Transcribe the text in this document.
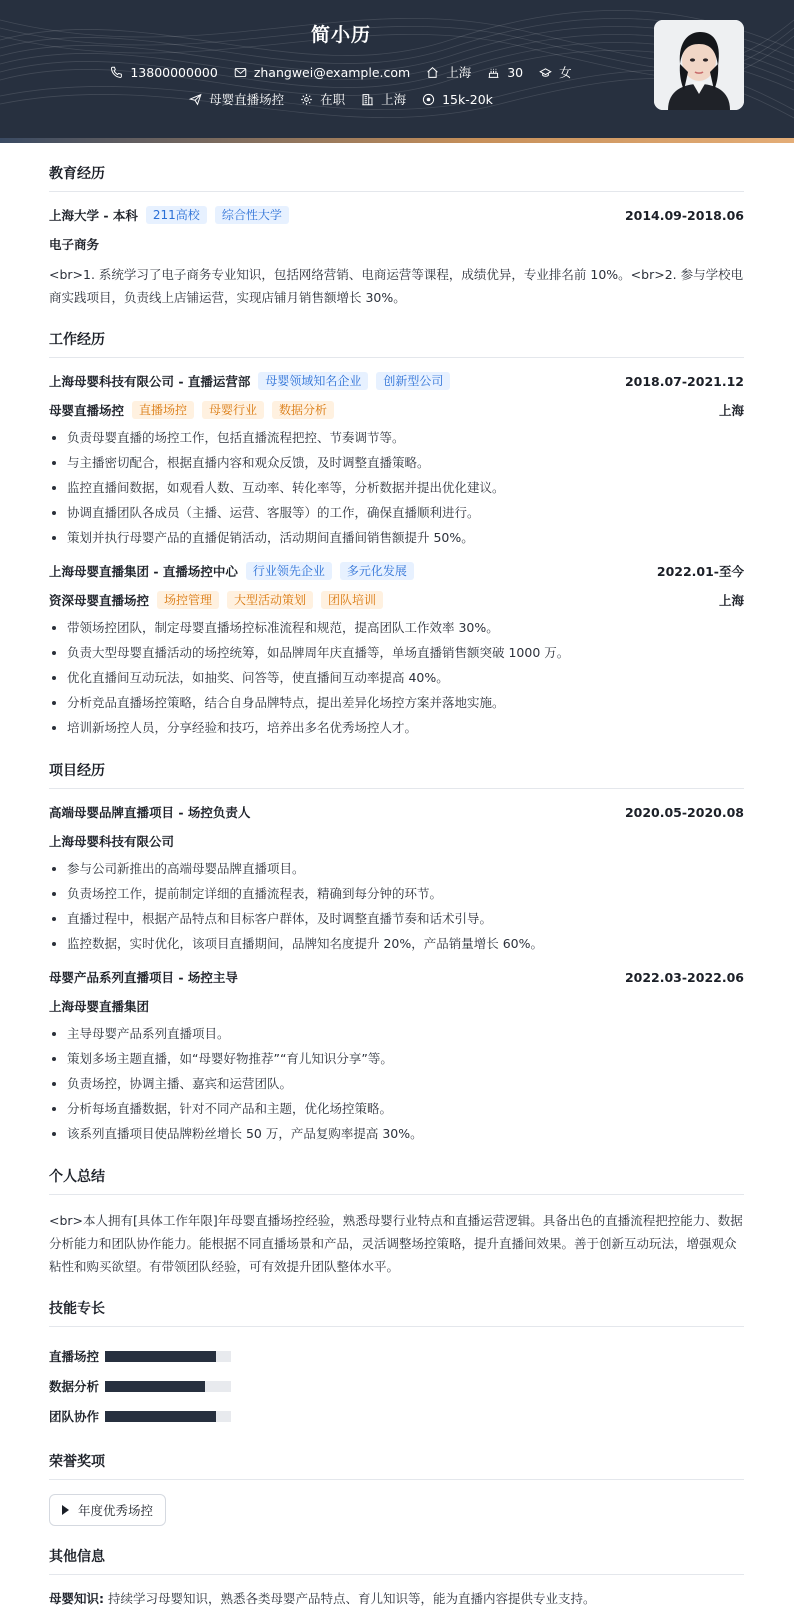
简小历
13800000000	zhangwei@example.com	上海	30	女
母婴直播场控	在职	上海	15k-20k
教育经历
上海大学 - 本科	211高校	综合性大学	2014.09-2018.06
电子商务
<br>1. 系统学习了电子商务专业知识，包括网络营销、电商运营等课程，成绩优异，专业排名前 10%。<br>2. 参与学校电商实践项目，负责线上店铺运营，实现店铺月销售额增长 30%。
工作经历
上海母婴科技有限公司 - 直播运营部	母婴领域知名企业	创新型公司	2018.07-2021.12
母婴直播场控	直播场控	母婴行业	数据分析	上海
• 负责母婴直播的场控工作，包括直播流程把控、节奏调节等。
• 与主播密切配合，根据直播内容和观众反馈，及时调整直播策略。
• 监控直播间数据，如观看人数、互动率、转化率等，分析数据并提出优化建议。
• 协调直播团队各成员（主播、运营、客服等）的工作，确保直播顺利进行。
• 策划并执行母婴产品的直播促销活动，活动期间直播间销售额提升 50%。
上海母婴直播集团 - 直播场控中心	行业领先企业	多元化发展	2022.01-至今
资深母婴直播场控	场控管理	大型活动策划	团队培训	上海
• 带领场控团队，制定母婴直播场控标准流程和规范，提高团队工作效率 30%。
• 负责大型母婴直播活动的场控统筹，如品牌周年庆直播等，单场直播销售额突破 1000 万。
• 优化直播间互动玩法，如抽奖、问答等，使直播间互动率提高 40%。
• 分析竞品直播场控策略，结合自身品牌特点，提出差异化场控方案并落地实施。
• 培训新场控人员，分享经验和技巧，培养出多名优秀场控人才。
项目经历
高端母婴品牌直播项目 - 场控负责人	2020.05-2020.08
上海母婴科技有限公司
• 参与公司新推出的高端母婴品牌直播项目。
• 负责场控工作，提前制定详细的直播流程表，精确到每分钟的环节。
• 直播过程中，根据产品特点和目标客户群体，及时调整直播节奏和话术引导。
• 监控数据，实时优化，该项目直播期间，品牌知名度提升 20%，产品销量增长 60%。
母婴产品系列直播项目 - 场控主导	2022.03-2022.06
上海母婴直播集团
• 主导母婴产品系列直播项目。
• 策划多场主题直播，如“母婴好物推荐”“育儿知识分享”等。
• 负责场控，协调主播、嘉宾和运营团队。
• 分析每场直播数据，针对不同产品和主题，优化场控策略。
• 该系列直播项目使品牌粉丝增长 50 万，产品复购率提高 30%。
个人总结
<br>本人拥有[具体工作年限]年母婴直播场控经验，熟悉母婴行业特点和直播运营逻辑。具备出色的直播流程把控能力、数据分析能力和团队协作能力。能根据不同直播场景和产品，灵活调整场控策略，提升直播间效果。善于创新互动玩法，增强观众粘性和购买欲望。有带领团队经验，可有效提升团队整体水平。
技能专长
直播场控
数据分析
团队协作
荣誉奖项
年度优秀场控
其他信息
母婴知识: 持续学习母婴知识，熟悉各类母婴产品特点、育儿知识等，能为直播内容提供专业支持。
